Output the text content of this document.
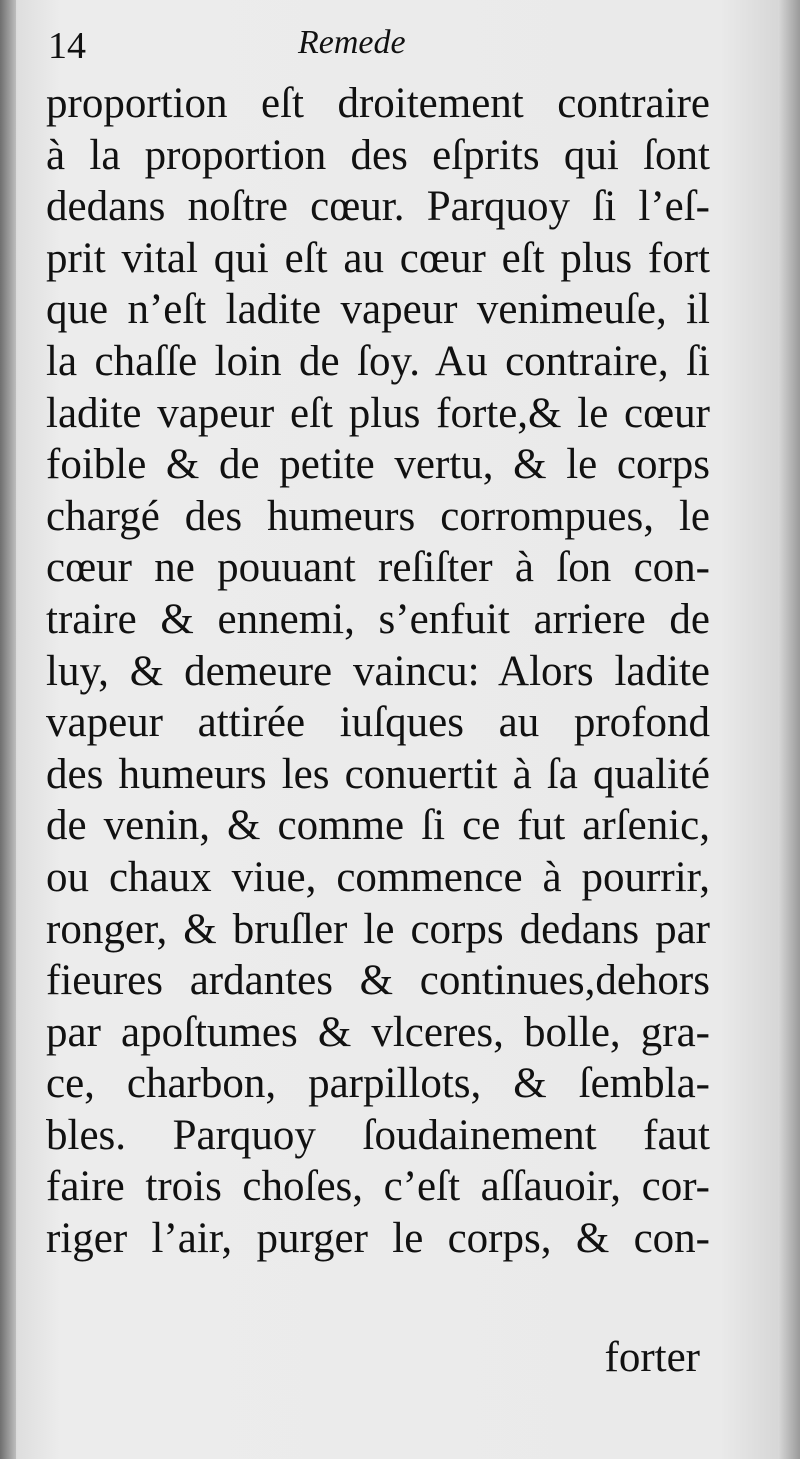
14	Remede
proportion eſt droitement contraire
à la proportion des eſprits qui ſont
dedans noſtre cœur. Parquoy ſi l’eſ-
prit vital qui eſt au cœur eſt plus fort
que n’eſt ladite vapeur venimeuſe, il
la chaſſe loin de ſoy. Au contraire, ſi
ladite vapeur eſt plus forte,& le cœur
foible & de petite vertu, & le corps
chargé des humeurs corrompues, le
cœur ne pouuant reſiſter à ſon con-
traire & ennemi, s’enfuit arriere de
luy, & demeure vaincu: Alors ladite
vapeur attirée iuſques au profond
des humeurs les conuertit à ſa qualité
de venin, & comme ſi ce fut arſenic,
ou chaux viue, commence à pourrir,
ronger, & bruſler le corps dedans par
fieures ardantes & continues,dehors
par apoſtumes & vlceres, bolle, gra-
ce, charbon, parpillots, & ſembla-
bles. Parquoy ſoudainement faut
faire trois choſes, c’eſt aſſauoir, cor-
riger l’air, purger le corps, & con-
forter
